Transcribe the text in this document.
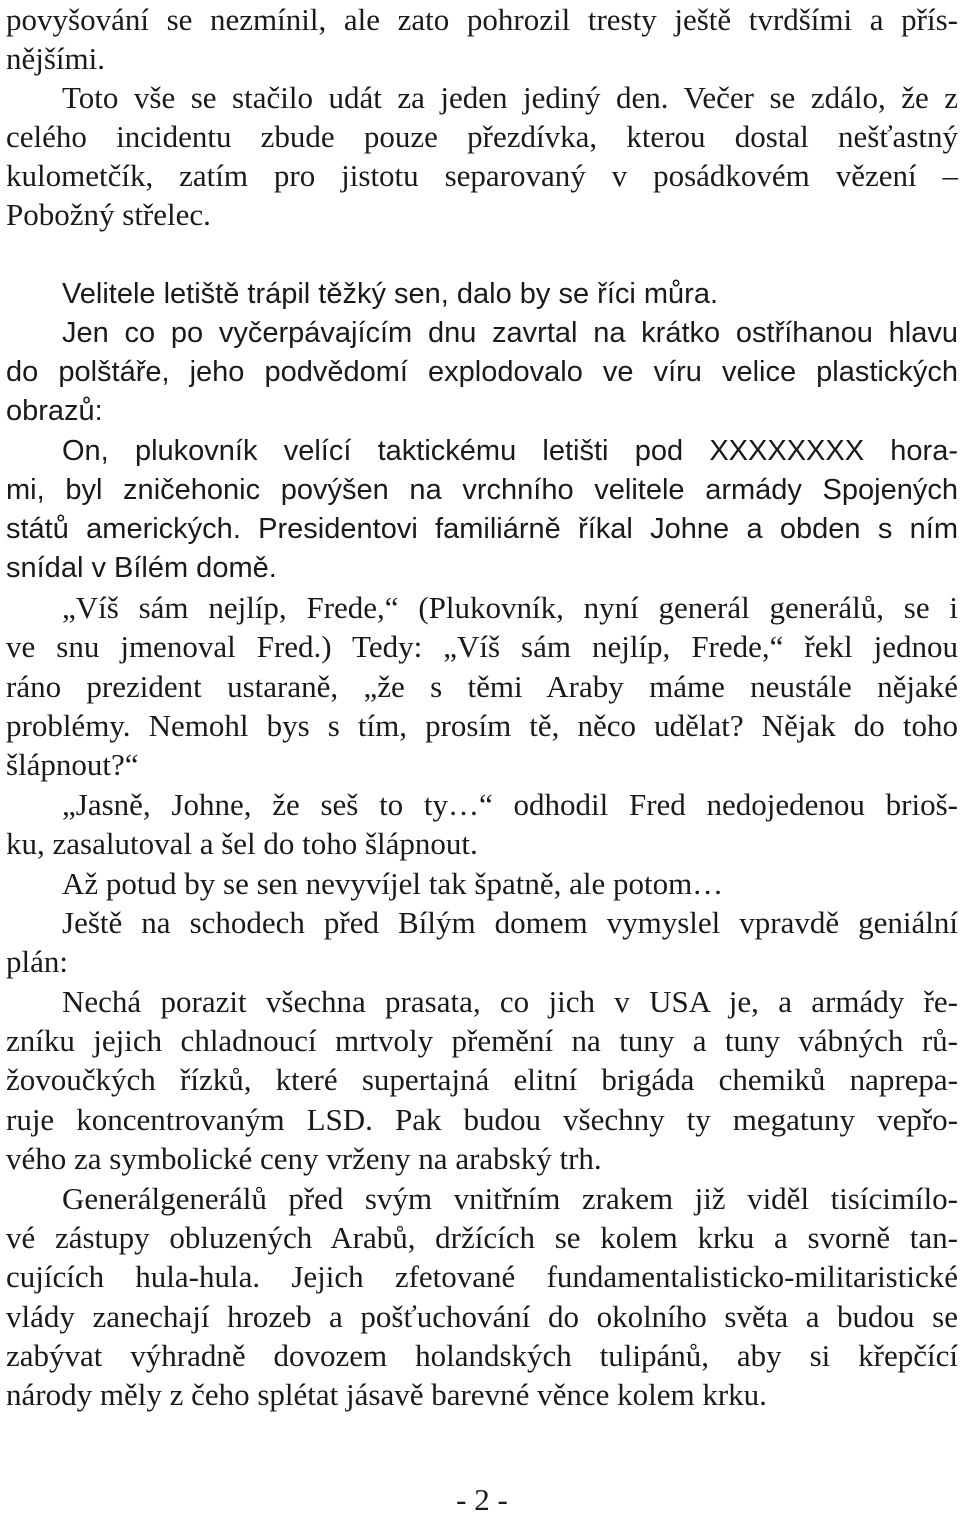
povyšování se nezmínil, ale zato pohrozil tresty ještě tvrdšími a přís-
nějšími.
Toto vše se stačilo udát za jeden jediný den. Večer se zdálo, že z
celého incidentu zbude pouze přezdívka, kterou dostal nešťastný
kulometčík, zatím pro jistotu separovaný v posádkovém vězení –
Pobožný střelec.
Velitele letiště trápil těžký sen, dalo by se říci můra.
Jen co po vyčerpávajícím dnu zavrtal na krátko ostříhanou hlavu
do polštáře, jeho podvědomí explodovalo ve víru velice plastických
obrazů:
On, plukovník velící taktickému letišti pod XXXXXXXX hora-
mi, byl zničehonic povýšen na vrchního velitele armády Spojených
států amerických. Presidentovi familiárně říkal Johne a obden s ním
snídal v Bílém domě.
„Víš sám nejlíp, Frede,“ (Plukovník, nyní generál generálů, se i
ve snu jmenoval Fred.) Tedy: „Víš sám nejlíp, Frede,“ řekl jednou
ráno prezident ustaraně, „že s těmi Araby máme neustále nějaké
problémy. Nemohl bys s tím, prosím tě, něco udělat? Nějak do toho
šlápnout?“
„Jasně, Johne, že seš to ty…“ odhodil Fred nedojedenou brioš-
ku, zasalutoval a šel do toho šlápnout.
Až potud by se sen nevyvíjel tak špatně, ale potom…
Ještě na schodech před Bílým domem vymyslel vpravdě geniální
plán:
Nechá porazit všechna prasata, co jich v USA je, a armády ře-
zníku jejich chladnoucí mrtvoly přemění na tuny a tuny vábných rů-
žovoučkých řízků, které supertajná elitní brigáda chemiků naprepa-
ruje koncentrovaným LSD. Pak budou všechny ty megatuny vepřo-
vého za symbolické ceny vrženy na arabský trh.
Generálgenerálů před svým vnitřním zrakem již viděl tisícimílo-
vé zástupy obluzených Arabů, držících se kolem krku a svorně tan-
cujících hula-hula. Jejich zfetované fundamentalisticko-militaristické
vlády zanechají hrozeb a pošťuchování do okolního světa a budou se
zabývat výhradně dovozem holandských tulipánů, aby si křepčící
národy měly z čeho splétat jásavě barevné věnce kolem krku.
- 2 -
